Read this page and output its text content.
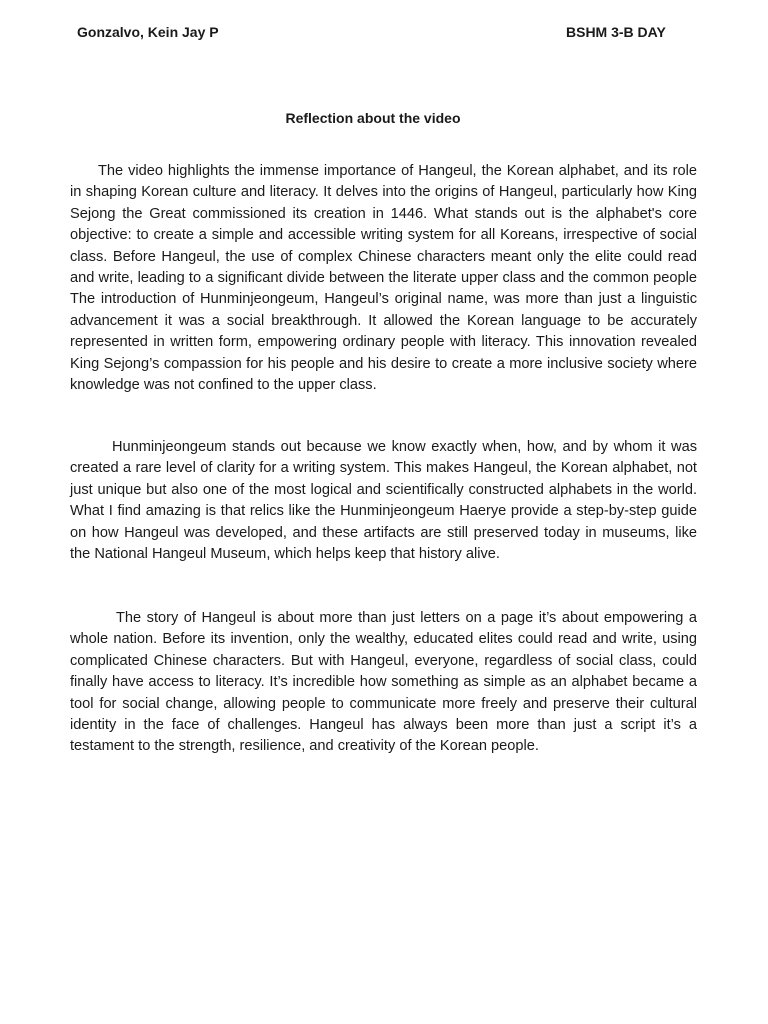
Gonzalvo, Kein Jay P	BSHM 3-B DAY
Reflection about the video

The video highlights the immense importance of Hangeul, the Korean alphabet, and its role in shaping Korean culture and literacy. It delves into the origins of Hangeul, particularly how King Sejong the Great commissioned its creation in 1446. What stands out is the alphabet's core objective: to create a simple and accessible writing system for all Koreans, irrespective of social class. Before Hangeul, the use of complex Chinese characters meant only the elite could read and write, leading to a significant divide between the literate upper class and the common people The introduction of Hunminjeongeum, Hangeul’s original name, was more than just a linguistic advancement it was a social breakthrough. It allowed the Korean language to be accurately represented in written form, empowering ordinary people with literacy. This innovation revealed King Sejong’s compassion for his people and his desire to create a more inclusive society where knowledge was not confined to the upper class.

Hunminjeongeum stands out because we know exactly when, how, and by whom it was created a rare level of clarity for a writing system. This makes Hangeul, the Korean alphabet, not just unique but also one of the most logical and scientifically constructed alphabets in the world. What I find amazing is that relics like the Hunminjeongeum Haerye provide a step-by-step guide on how Hangeul was developed, and these artifacts are still preserved today in museums, like the National Hangeul Museum, which helps keep that history alive.

The story of Hangeul is about more than just letters on a page it’s about empowering a whole nation. Before its invention, only the wealthy, educated elites could read and write, using complicated Chinese characters. But with Hangeul, everyone, regardless of social class, could finally have access to literacy. It’s incredible how something as simple as an alphabet became a tool for social change, allowing people to communicate more freely and preserve their cultural identity in the face of challenges. Hangeul has always been more than just a script it’s a testament to the strength, resilience, and creativity of the Korean people.
